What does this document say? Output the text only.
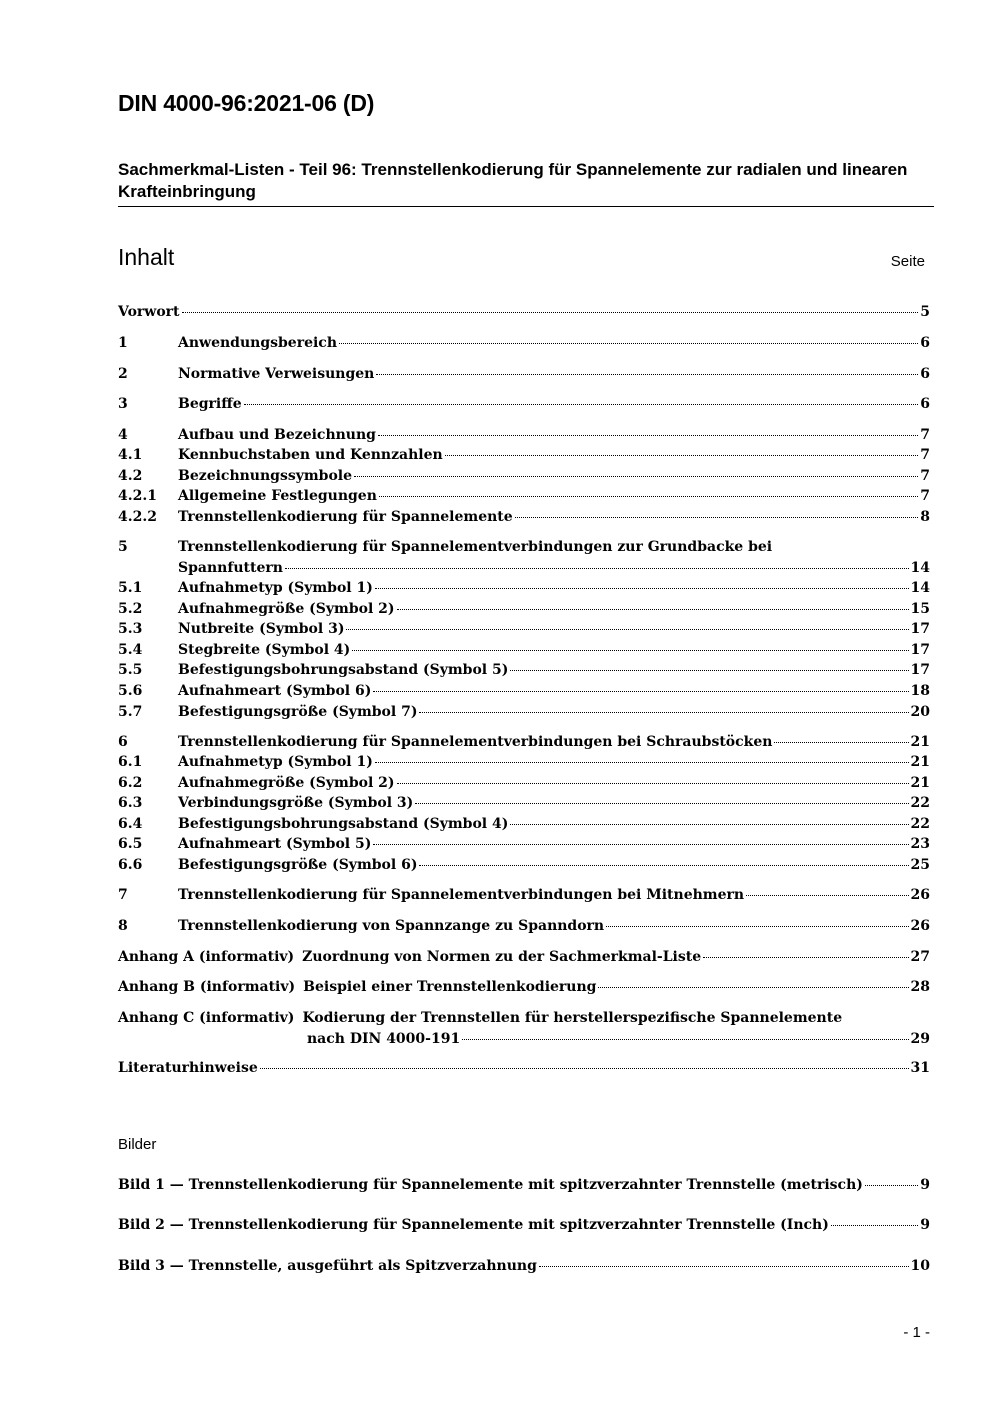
DIN 4000-96:2021-06 (D)
Sachmerkmal-Listen - Teil 96: Trennstellenkodierung für Spannelemente zur radialen und linearen Krafteinbringung
Inhalt	Seite
Vorwort	5
1	Anwendungsbereich	6
2	Normative Verweisungen	6
3	Begriffe	6
4	Aufbau und Bezeichnung	7
4.1	Kennbuchstaben und Kennzahlen	7
4.2	Bezeichnungssymbole	7
4.2.1	Allgemeine Festlegungen	7
4.2.2	Trennstellenkodierung für Spannelemente	8
5	Trennstellenkodierung für Spannelementverbindungen zur Grundbacke bei
Spannfuttern	14
5.1	Aufnahmetyp (Symbol 1)	14
5.2	Aufnahmegröße (Symbol 2)	15
5.3	Nutbreite (Symbol 3)	17
5.4	Stegbreite (Symbol 4)	17
5.5	Befestigungsbohrungsabstand (Symbol 5)	17
5.6	Aufnahmeart (Symbol 6)	18
5.7	Befestigungsgröße (Symbol 7)	20
6	Trennstellenkodierung für Spannelementverbindungen bei Schraubstöcken	21
6.1	Aufnahmetyp (Symbol 1)	21
6.2	Aufnahmegröße (Symbol 2)	21
6.3	Verbindungsgröße (Symbol 3)	22
6.4	Befestigungsbohrungsabstand (Symbol 4)	22
6.5	Aufnahmeart (Symbol 5)	23
6.6	Befestigungsgröße (Symbol 6)	25
7	Trennstellenkodierung für Spannelementverbindungen bei Mitnehmern	26
8	Trennstellenkodierung von Spannzange zu Spanndorn	26
Anhang A (informativ) Zuordnung von Normen zu der Sachmerkmal-Liste	27
Anhang B (informativ) Beispiel einer Trennstellenkodierung	28
Anhang C (informativ) Kodierung der Trennstellen für herstellerspezifische Spannelemente
nach DIN 4000-191	29
Literaturhinweise	31
Bilder
Bild 1 — Trennstellenkodierung für Spannelemente mit spitzverzahnter Trennstelle (metrisch)	9
Bild 2 — Trennstellenkodierung für Spannelemente mit spitzverzahnter Trennstelle (Inch)	9
Bild 3 — Trennstelle, ausgeführt als Spitzverzahnung	10
- 1 -
